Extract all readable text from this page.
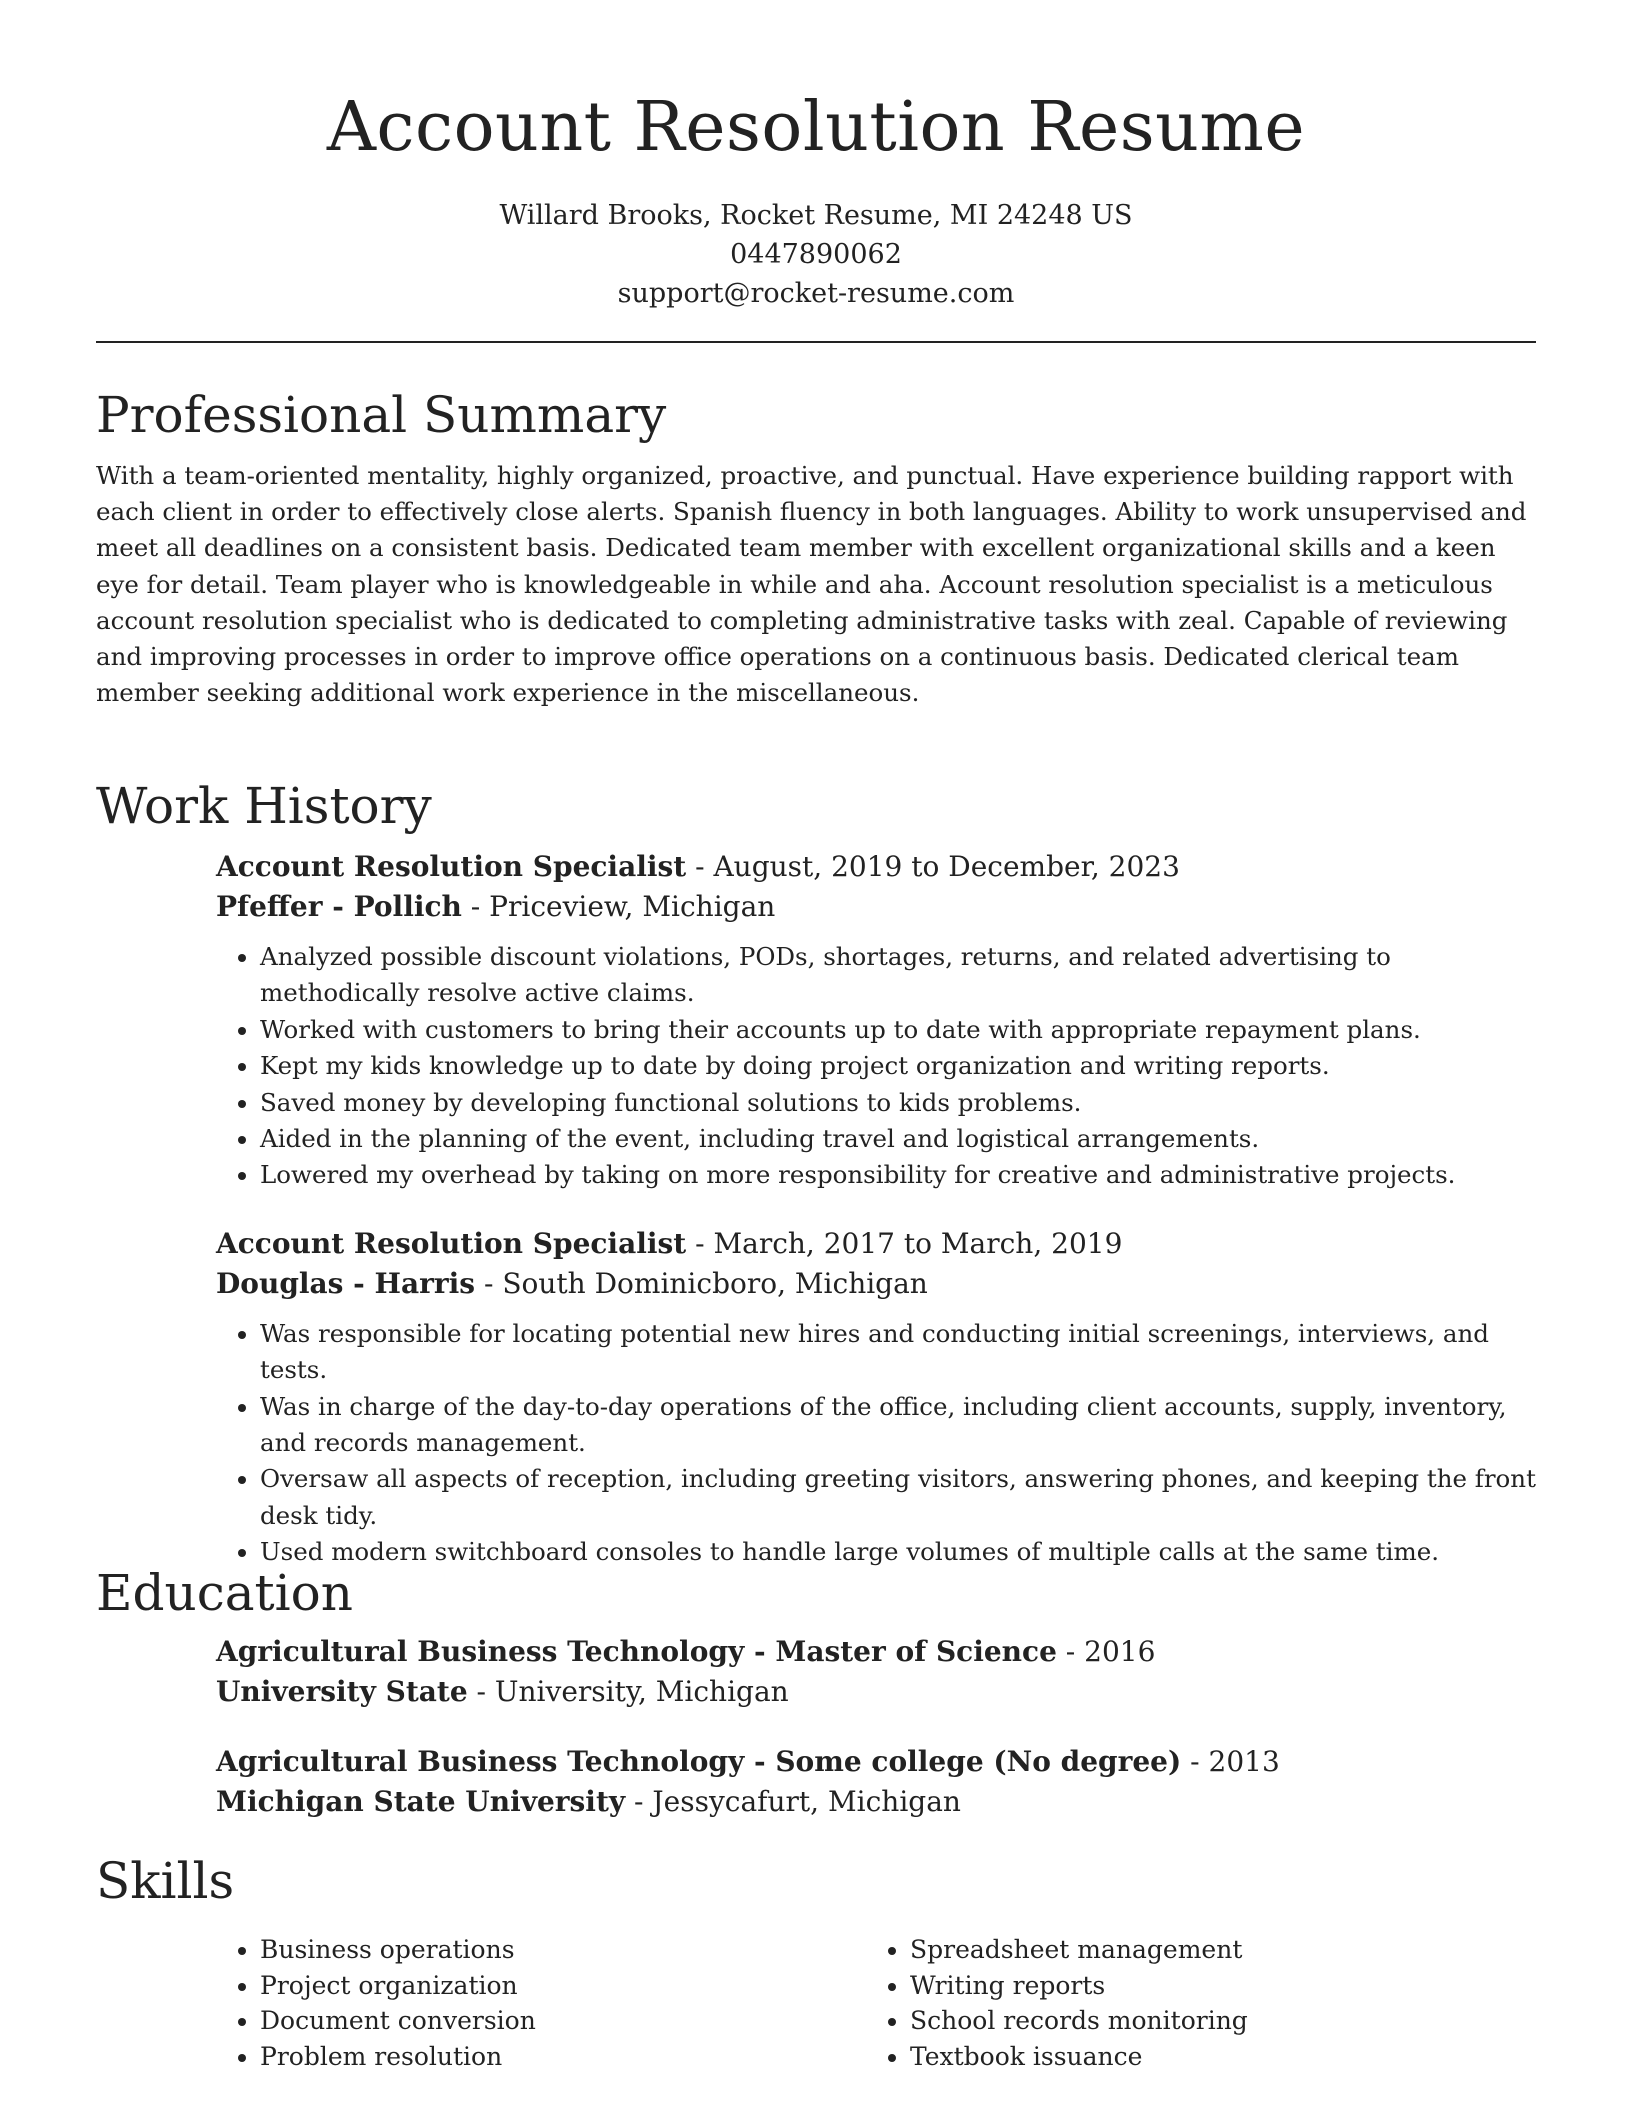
Account Resolution Resume
Willard Brooks, Rocket Resume, MI 24248 US
0447890062
support@rocket-resume.com
Professional Summary

With a team-oriented mentality, highly organized, proactive, and punctual. Have experience building rapport with each client in order to effectively close alerts. Spanish fluency in both languages. Ability to work unsupervised and meet all deadlines on a consistent basis. Dedicated team member with excellent organizational skills and a keen eye for detail. Team player who is knowledgeable in while and aha. Account resolution specialist is a meticulous account resolution specialist who is dedicated to completing administrative tasks with zeal. Capable of reviewing and improving processes in order to improve office operations on a continuous basis. Dedicated clerical team member seeking additional work experience in the miscellaneous.

Work History
Account Resolution Specialist - August, 2019 to December, 2023
Pfeffer - Pollich - Priceview, Michigan
• Analyzed possible discount violations, PODs, shortages, returns, and related advertising to methodically resolve active claims.
• Worked with customers to bring their accounts up to date with appropriate repayment plans.
• Kept my kids knowledge up to date by doing project organization and writing reports.
• Saved money by developing functional solutions to kids problems.
• Aided in the planning of the event, including travel and logistical arrangements.
• Lowered my overhead by taking on more responsibility for creative and administrative projects.
Account Resolution Specialist - March, 2017 to March, 2019
Douglas - Harris - South Dominicboro, Michigan
• Was responsible for locating potential new hires and conducting initial screenings, interviews, and tests.
• Was in charge of the day-to-day operations of the office, including client accounts, supply, inventory, and records management.
• Oversaw all aspects of reception, including greeting visitors, answering phones, and keeping the front desk tidy.
• Used modern switchboard consoles to handle large volumes of multiple calls at the same time.
Education
Agricultural Business Technology - Master of Science - 2016
University State - University, Michigan
Agricultural Business Technology - Some college (No degree) - 2013
Michigan State University - Jessycafurt, Michigan
Skills
• Business operations
• Project organization
• Document conversion
• Problem resolution
• Spreadsheet management
• Writing reports
• School records monitoring
• Textbook issuance
